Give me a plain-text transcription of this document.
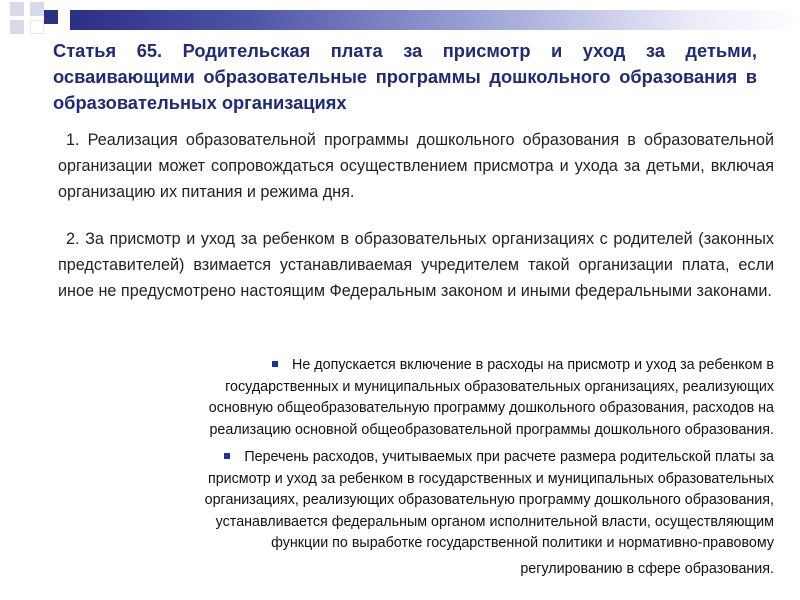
Статья 65. Родительская плата за присмотр и уход за детьми, осваивающими образовательные программы дошкольного образования в образовательных организациях

1. Реализация образовательной программы дошкольного образования в образовательной организации может сопровождаться осуществлением присмотра и ухода за детьми, включая организацию их питания и режима дня.

2. За присмотр и уход за ребенком в образовательных организациях с родителей (законных представителей) взимается устанавливаемая учредителем такой организации плата, если иное не предусмотрено настоящим Федеральным законом и иными федеральными законами.

Не допускается включение в расходы на присмотр и уход за ребенком в
государственных и муниципальных образовательных организациях, реализующих
основную общеобразовательную программу дошкольного образования, расходов на
реализацию основной общеобразовательной программы дошкольного образования.
Перечень расходов, учитываемых при расчете размера родительской платы за
присмотр и уход за ребенком в государственных и муниципальных образовательных
организациях, реализующих образовательную программу дошкольного образования,
устанавливается федеральным органом исполнительной власти, осуществляющим
функции по выработке государственной политики и нормативно-правовому
регулированию в сфере образования.
